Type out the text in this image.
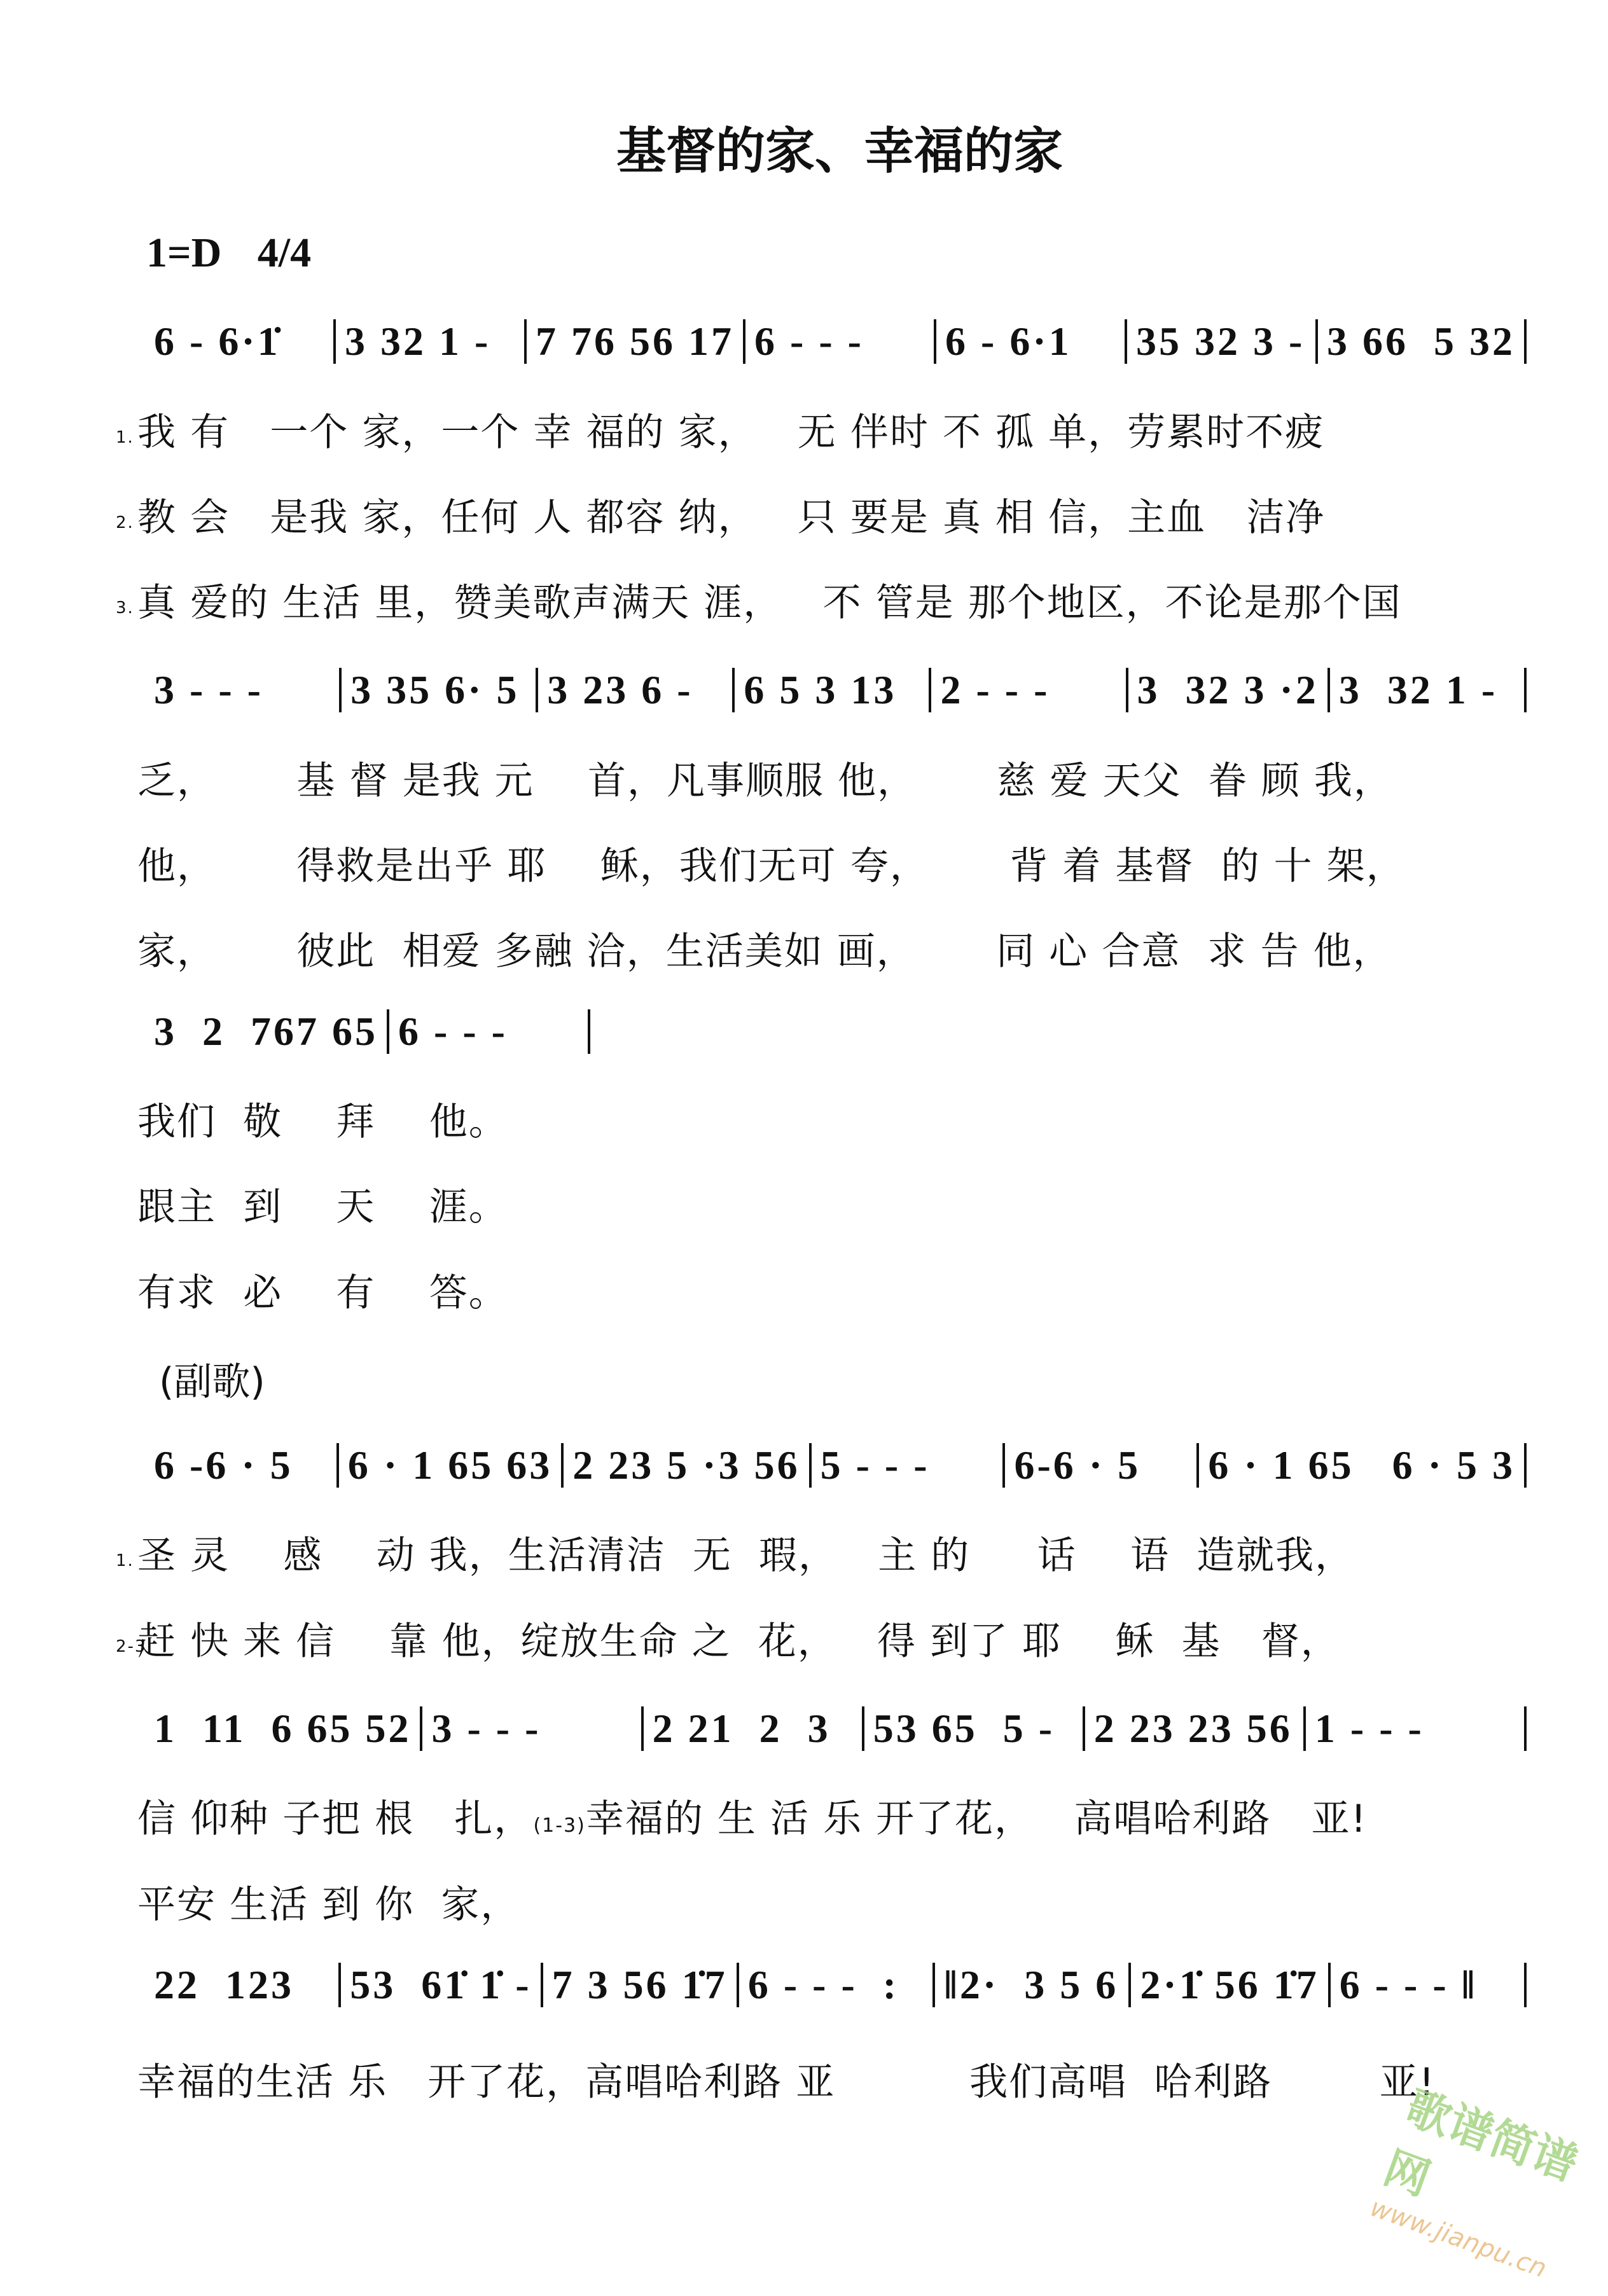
基督的家、幸福的家
1=D 4/4
6 - 6·1̇	3 32 1 -	7 76 56 17 6 - - -	6 - 6·1	35 32 3 - 3 66  5 32
1.我 有   一个 家，一个 幸 福的 家，   无 伴时 不 孤 单，劳累时不疲
2.教 会   是我 家，任何 人 都容 纳，   只 要是 真 相 信，主血   洁净
3.真 爱的 生活 里，赞美歌声满天 涯，   不 管是 那个地区，不论是那个国
3 - - -	3 35 6· 5 3 23 6 -	6 5 3 13	2 - - -	3  32 3 ·2 3  32 1 -
乏，      基 督 是我 元    首，凡事顺服 他，      慈 爱 天父  眷 顾 我，
他，      得救是出乎 耶    稣，我们无可 夸，      背 着 基督  的 十 架，
家，      彼此  相爱 多融 洽，生活美如 画，      同 心 合意  求 告 他，
3  2  767 65 6 - - -
我们  敬    拜    他。
跟主  到    天    涯。
有求  必    有    答。
(副歌)
6 -6 · 5	6 · 1 65 63 2 23 5 ·3 56 5 - - -	6-6 · 5	6 · 1 65   6 · 5 3
1.圣 灵    感    动 我，生活清洁  无  瑕，   主 的     话    语  造就我，
2-3赶 快 来 信    靠 他，绽放生命 之  花，   得 到了 耶    稣  基   督，
1  11  6 65 52 3 - - -	2 21  2  3	53 65  5 - 2 23 23 56 1 - - -
信 仰种 子把 根   扎，(1-3)幸福的 生 活 乐 开了花，   高唱哈利路   亚!
平安 生活 到 你  家，
22  123	53  61̇ 1̇ - 7 3 56 1̇7 6 - - -  :	‖2·  3 5 6 2·1̇ 56 1̇7 6 - - - ‖
幸福的生活 乐   开了花，高唱哈利路 亚          我们高唱  哈利路        亚!
歌谱简谱网
www.jianpu.cn
